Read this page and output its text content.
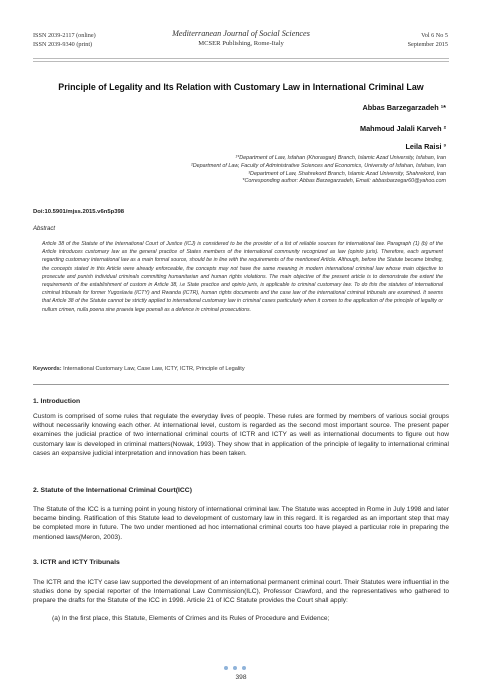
ISSN 2039-2117 (online)
ISSN 2039-9340 (print)
Mediterranean Journal of Social Sciences
MCSER Publishing, Rome-Italy
Vol 6 No 5
September 2015
Principle of Legality and Its Relation with Customary Law in International Criminal Law
Abbas Barzegarzadeh ¹*
Mahmoud Jalali Karveh ²
Leila Raisi ³
¹*Department of Law, Isfahan (Khorasgan) Branch, Islamic Azad University, Isfahan, Iran
²Department of Law, Faculty of Administrative Sciences and Economics, University of Isfahan, Isfahan, Iran
³Department of Law, Shahrekord Branch, Islamic Azad University, Shahrekord, Iran
*Corresponding author: Abbas Barzegarzadeh, Email: abbasbarzegar60@yahoo.com
Doi:10.5901/mjss.2015.v6n5p398
Abstract
Article 38 of the Statute of the International Court of Justice (ICJ) is considered to be the provider of a list of reliable sources for international law. Paragraph (1) (b) of the Article introduces customary law as the general practice of States members of the international community recognized as law (opinio juris). Therefore, each argument regarding customary international law as a main formal source, should be in line with the requirements of the mentioned Article. Although, before the Statute became binding, the concepts stated in this Article were already enforceable, the concepts may not have the same meaning in modern international criminal law whose main objective to prosecute and punish individual criminals committing humanitarian and human rights violations. The main objective of the present article is to demonstrate the extent the requirements of the establishment of custom in Article 38, i.e State practice and opinio juris, is applicable to criminal customary law. To do this the statutes of international criminal tribunals for former Yugoslavia (ICTY) and Rwanda (ICTR), human rights documents and the case law of the international criminal tribunals are examined. It seems that Article 38 of the Statute cannot be strictly applied to international customary law in criminal cases particularly when it comes to the application of the principle of legality or nullum crimen, nulla poena sine praevia lege poenali as a defence in criminal prosecutions.
Keywords: International Customary Law, Case Law, ICTY, ICTR, Principle of Legality
1. Introduction
Custom is comprised of some rules that regulate the everyday lives of people. These rules are formed by members of various social groups without necessarily knowing each other. At international level, custom is regarded as the second most important source. The present paper examines the judicial practice of two international criminal courts of ICTR and ICTY as well as international documents to figure out how customary law is developed in criminal matters(Nowak, 1993). They show that in application of the principle of legality to international criminal cases an expansive judicial interpretation and innovation has been taken.
2. Statute of the International Criminal Court(ICC)
The Statute of the ICC is a turning point in young history of international criminal law. The Statute was accepted in Rome in July 1998 and later became binding. Ratification of this Statute lead to development of customary law in this regard. It is regarded as an important step that may be completed more in future. The two under mentioned ad hoc international criminal courts too have played a particular role in preparing the mentioned laws(Meron, 2003).
3. ICTR and ICTY Tribunals
The ICTR and the ICTY case law supported the development of an international permanent criminal court. Their Statutes were influential in the studies done by special reporter of the International Law Commission(ILC), Professor Crawford, and the representatives who gathered to prepare the drafts for the Statute of the ICC in 1998. Article 21 of ICC Statute provides the Court shall apply:
(a) In the first place, this Statute, Elements of Crimes and its Rules of Procedure and Evidence;
398
